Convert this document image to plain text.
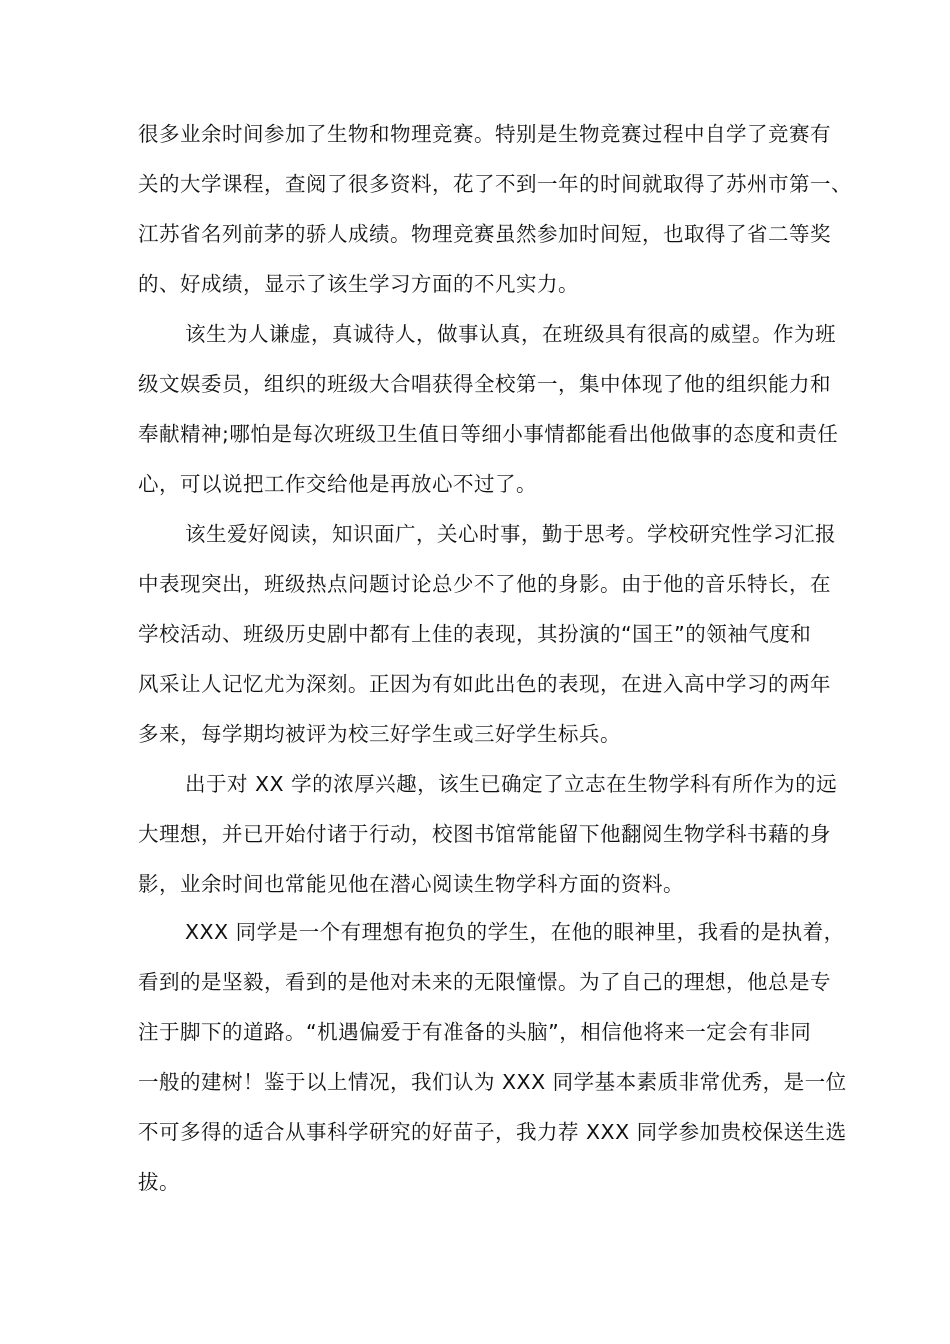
很多业余时间参加了生物和物理竞赛。特别是生物竞赛过程中自学了竞赛有
关的大学课程，查阅了很多资料，花了不到一年的时间就取得了苏州市第一、
江苏省名列前茅的骄人成绩。物理竞赛虽然参加时间短，也取得了省二等奖
的、好成绩，显示了该生学习方面的不凡实力。
该生为人谦虚，真诚待人，做事认真，在班级具有很高的威望。作为班
级文娱委员，组织的班级大合唱获得全校第一，集中体现了他的组织能力和
奉献精神;哪怕是每次班级卫生值日等细小事情都能看出他做事的态度和责任
心，可以说把工作交给他是再放心不过了。
该生爱好阅读，知识面广，关心时事，勤于思考。学校研究性学习汇报
中表现突出，班级热点问题讨论总少不了他的身影。由于他的音乐特长，在
学校活动、班级历史剧中都有上佳的表现，其扮演的“国王”的领袖气度和
风采让人记忆尤为深刻。正因为有如此出色的表现，在进入高中学习的两年
多来，每学期均被评为校三好学生或三好学生标兵。
出于对 XX 学的浓厚兴趣，该生已确定了立志在生物学科有所作为的远
大理想，并已开始付诸于行动，校图书馆常能留下他翻阅生物学科书藉的身
影，业余时间也常能见他在潜心阅读生物学科方面的资料。
XXX 同学是一个有理想有抱负的学生，在他的眼神里，我看的是执着，
看到的是坚毅，看到的是他对未来的无限憧憬。为了自己的理想，他总是专
注于脚下的道路。“机遇偏爱于有准备的头脑”，相信他将来一定会有非同
一般的建树！鉴于以上情况，我们认为 XXX 同学基本素质非常优秀，是一位
不可多得的适合从事科学研究的好苗子，我力荐 XXX 同学参加贵校保送生选
拔。
